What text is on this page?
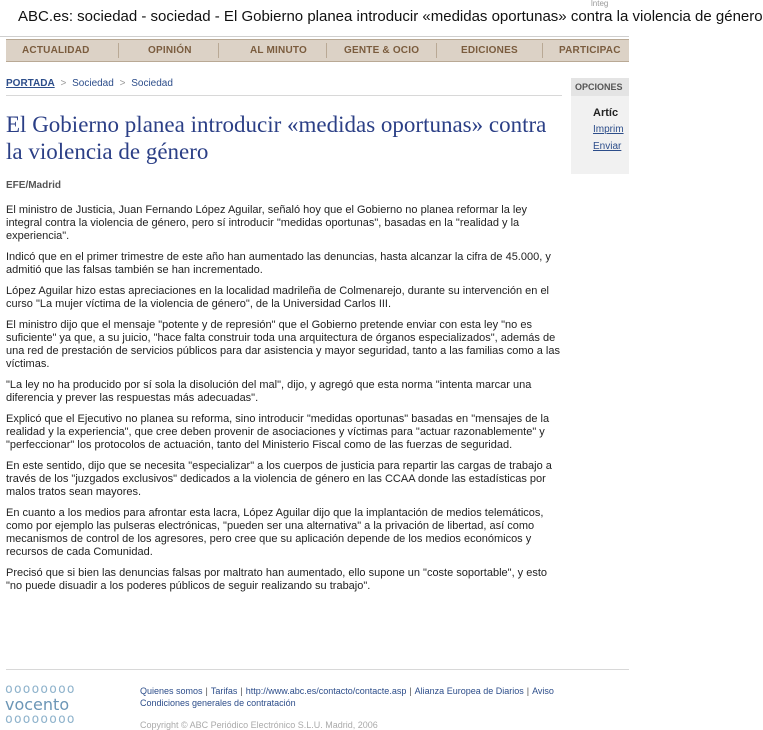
ABC.es: sociedad - sociedad - El Gobierno planea introducir «medidas oportunas» contra la violencia de género
lnteg
ACTUALIDAD	OPINIÓN	AL MINUTO	GENTE & OCIO	EDICIONES	PARTICIPAC
PORTADA > Sociedad > Sociedad
El Gobierno planea introducir «medidas oportunas» contra la violencia de género
EFE/Madrid

El ministro de Justicia, Juan Fernando López Aguilar, señaló hoy que el Gobierno no planea reformar la ley integral contra la violencia de género, pero sí introducir "medidas oportunas", basadas en la "realidad y la experiencia".

Indicó que en el primer trimestre de este año han aumentado las denuncias, hasta alcanzar la cifra de 45.000, y admitió que las falsas también se han incrementado.

López Aguilar hizo estas apreciaciones en la localidad madrileña de Colmenarejo, durante su intervención en el curso "La mujer víctima de la violencia de género", de la Universidad Carlos III.

El ministro dijo que el mensaje "potente y de represión" que el Gobierno pretende enviar con esta ley "no es suficiente" ya que, a su juicio, "hace falta construir toda una arquitectura de órganos especializados", además de una red de prestación de servicios públicos para dar asistencia y mayor seguridad, tanto a las familias como a las víctimas.

"La ley no ha producido por sí sola la disolución del mal", dijo, y agregó que esta norma "intenta marcar una diferencia y prever las respuestas más adecuadas".

Explicó que el Ejecutivo no planea su reforma, sino introducir "medidas oportunas" basadas en "mensajes de la realidad y la experiencia", que cree deben provenir de asociaciones y víctimas para "actuar razonablemente" y "perfeccionar" los protocolos de actuación, tanto del Ministerio Fiscal como de las fuerzas de seguridad.

En este sentido, dijo que se necesita "especializar" a los cuerpos de justicia para repartir las cargas de trabajo a través de los "juzgados exclusivos" dedicados a la violencia de género en las CCAA donde las estadísticas por malos tratos sean mayores.

En cuanto a los medios para afrontar esta lacra, López Aguilar dijo que la implantación de medios telemáticos, como por ejemplo las pulseras electrónicas, "pueden ser una alternativa" a la privación de libertad, así como mecanismos de control de los agresores, pero cree que su aplicación depende de los medios económicos y recursos de cada Comunidad.

Precisó que si bien las denuncias falsas por maltrato han aumentado, ello supone un "coste soportable", y esto "no puede disuadir a los poderes públicos de seguir realizando su trabajo".

OPCIONES
Artíc
Imprim
Enviar
oooooooo
vocento
oooooooo
Quienes somos | Tarifas | http://www.abc.es/contacto/contacte.asp | Alianza Europea de Diarios | Aviso
Condiciones generales de contratación
Copyright © ABC Periódico Electrónico S.L.U. Madrid, 2006
